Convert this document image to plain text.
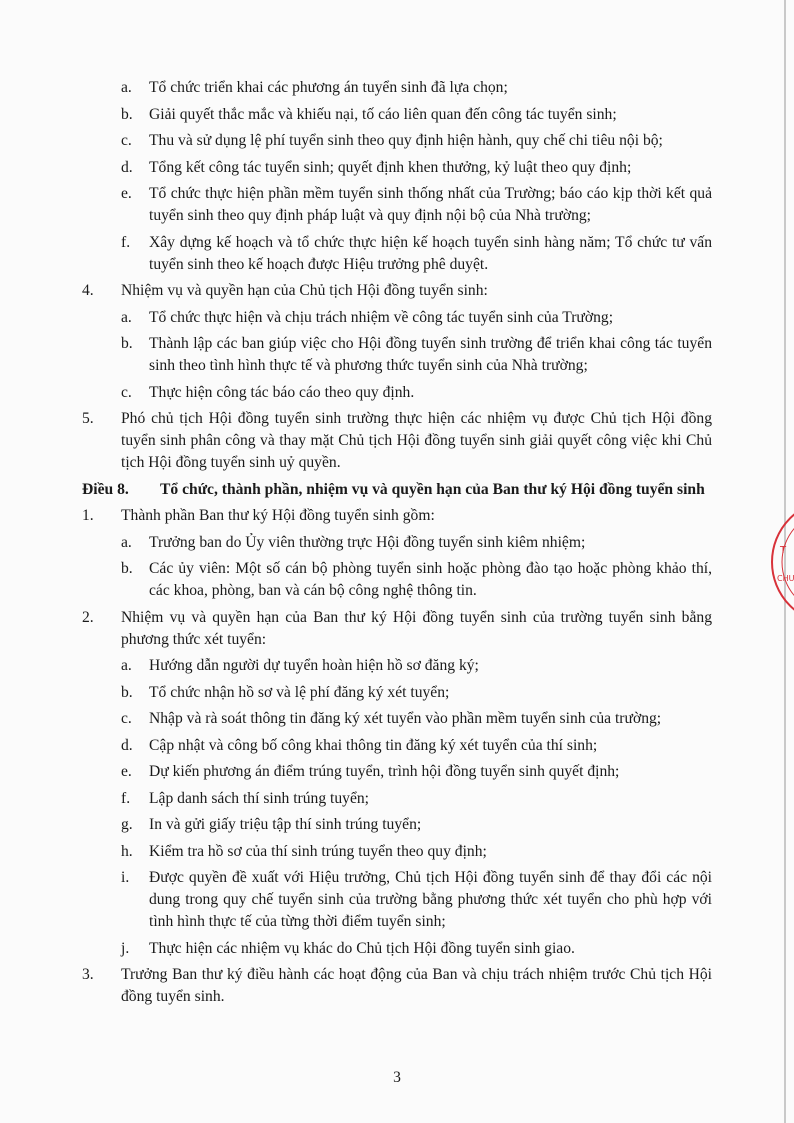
a.	Tổ chức triển khai các phương án tuyển sinh đã lựa chọn;
b.	Giải quyết thắc mắc và khiếu nại, tố cáo liên quan đến công tác tuyển sinh;
c.	Thu và sử dụng lệ phí tuyển sinh theo quy định hiện hành, quy chế chi tiêu nội bộ;
d.	Tổng kết công tác tuyển sinh; quyết định khen thưởng, kỷ luật theo quy định;
e.	Tổ chức thực hiện phần mềm tuyển sinh thống nhất của Trường; báo cáo kịp thời kết quả tuyển sinh theo quy định pháp luật và quy định nội bộ của Nhà trường;
f.	Xây dựng kế hoạch và tổ chức thực hiện kế hoạch tuyển sinh hàng năm; Tổ chức tư vấn tuyển sinh theo kế hoạch được Hiệu trưởng phê duyệt.
4.	Nhiệm vụ và quyền hạn của Chủ tịch Hội đồng tuyển sinh:
a.	Tổ chức thực hiện và chịu trách nhiệm về công tác tuyển sinh của Trường;
b.	Thành lập các ban giúp việc cho Hội đồng tuyển sinh trường để triển khai công tác tuyển sinh theo tình hình thực tế và phương thức tuyển sinh của Nhà trường;
c.	Thực hiện công tác báo cáo theo quy định.
5.	Phó chủ tịch Hội đồng tuyển sinh trường thực hiện các nhiệm vụ được Chủ tịch Hội đồng tuyển sinh phân công và thay mặt Chủ tịch Hội đồng tuyển sinh giải quyết công việc khi Chủ tịch Hội đồng tuyển sinh uỷ quyền.
Điều 8.	Tổ chức, thành phần, nhiệm vụ và quyền hạn của Ban thư ký Hội đồng tuyển sinh
1.	Thành phần Ban thư ký Hội đồng tuyển sinh gồm:
a.	Trưởng ban do Ủy viên thường trực Hội đồng tuyển sinh kiêm nhiệm;
b.	Các ủy viên: Một số cán bộ phòng tuyển sinh hoặc phòng đào tạo hoặc phòng khảo thí, các khoa, phòng, ban và cán bộ công nghệ thông tin.
2.	Nhiệm vụ và quyền hạn của Ban thư ký Hội đồng tuyển sinh của trường tuyển sinh bằng phương thức xét tuyển:
a.	Hướng dẫn người dự tuyển hoàn hiện hồ sơ đăng ký;
b.	Tổ chức nhận hồ sơ và lệ phí đăng ký xét tuyển;
c.	Nhập và rà soát thông tin đăng ký xét tuyển vào phần mềm tuyển sinh của trường;
d.	Cập nhật và công bố công khai thông tin đăng ký xét tuyển của thí sinh;
e.	Dự kiến phương án điểm trúng tuyển, trình hội đồng tuyển sinh quyết định;
f.	Lập danh sách thí sinh trúng tuyển;
g.	In và gửi giấy triệu tập thí sinh trúng tuyển;
h.	Kiểm tra hồ sơ của thí sinh trúng tuyển theo quy định;
i.	Được quyền đề xuất với Hiệu trưởng, Chủ tịch Hội đồng tuyển sinh để thay đổi các nội dung trong quy chế tuyển sinh của trường bằng phương thức xét tuyển cho phù hợp với tình hình thực tế của từng thời điểm tuyển sinh;
j.	Thực hiện các nhiệm vụ khác do Chủ tịch Hội đồng tuyển sinh giao.
3.	Trưởng Ban thư ký điều hành các hoạt động của Ban và chịu trách nhiệm trước Chủ tịch Hội đồng tuyển sinh.
3
T
CHU
